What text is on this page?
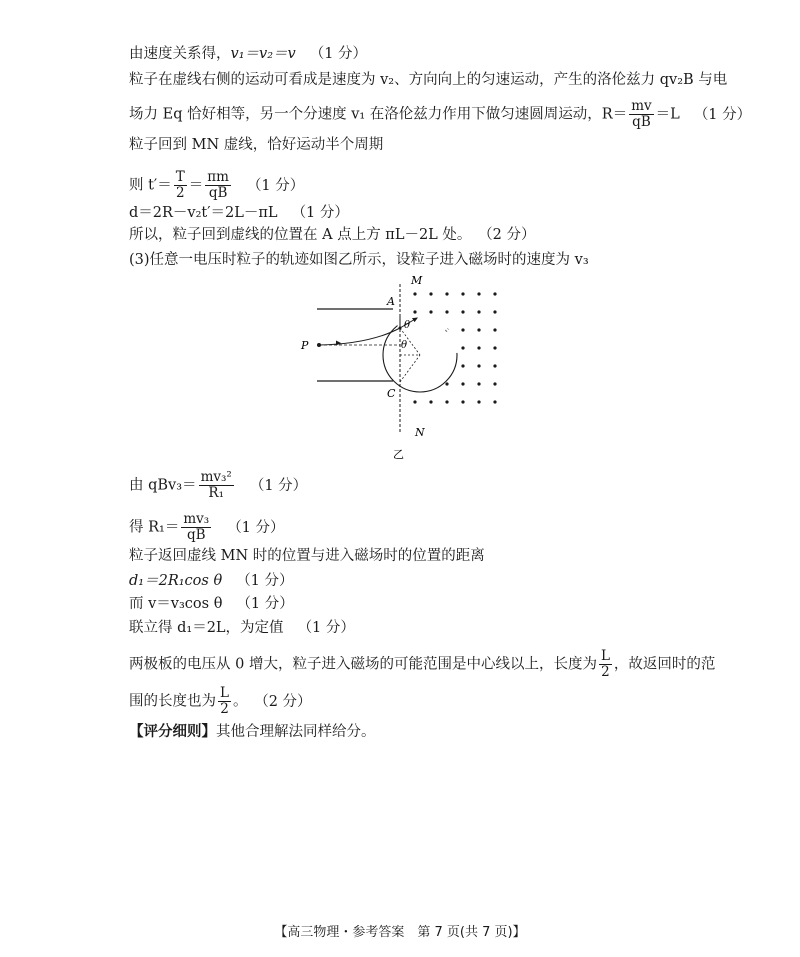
由速度关系得，v₁＝v₂＝v （1 分）
粒子在虚线右侧的运动可看成是速度为 v₂、方向向上的匀速运动，产生的洛伦兹力 qv₂B 与电
场力 Eq 恰好相等，另一个分速度 v₁ 在洛伦兹力作用下做匀速圆周运动，$R= \frac{mv}{qB} =L$ （1 分）
粒子回到 MN 虚线，恰好运动半个周期
则 $t'= \frac{T}{2} = \frac{\pi m}{qB} (1$ 分）
d＝2R－v₂t′＝2L－πL （1 分）
所以，粒子回到虚线的位置在 A 点上方 πL－2L 处。 （2 分）
(3)任意一电压时粒子的轨迹如图乙所示，设粒子进入磁场时的速度为 v₃
M
N
A
C
P
θ
θ
乙
由 $qBv_3= \frac{\text{mv₃²}}{\text{R₁}} (1$ 分）
得 $R_1= \frac{\text{mv₃}}{qB} (1$ 分）
粒子返回虚线 MN 时的位置与进入磁场时的位置的距离
d₁＝2R₁cos θ （1 分）
而 v＝v₃cos θ （1 分）
联立得 d₁＝2L，为定值 （1 分）
两极板的电压从 0 增大，粒子进入磁场的可能范围是中心线以上，长度为 $\frac{L}{2}$ ，故返回时的范
围的长度也为 $\frac{L}{2}$ 。 （2 分）
【评分细则】其他合理解法同样给分。
【高三物理・参考答案　第 7 页(共 7 页)】
